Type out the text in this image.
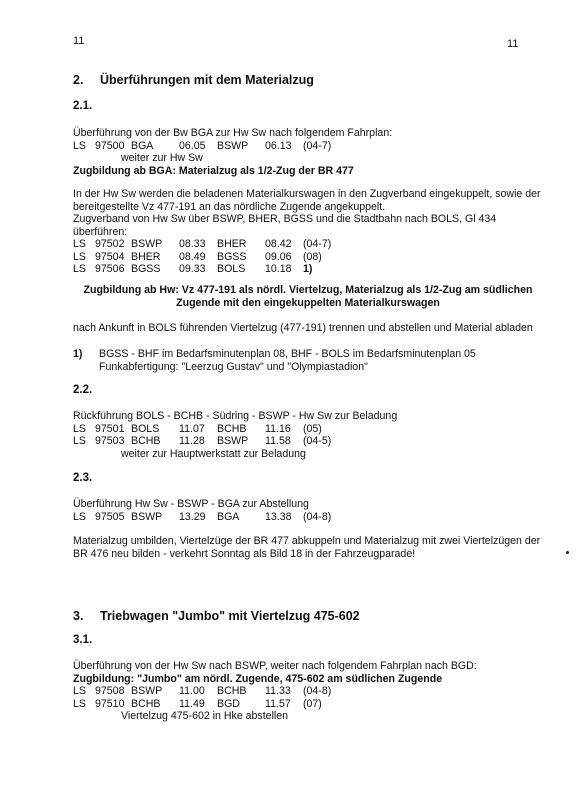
11	11
2. Überführungen mit dem Materialzug
2.1.
Überführung von der Bw BGA zur Hw Sw nach folgendem Fahrplan:
LS 97500 BGA 06.05 BSWP 06.13 (04-7)
weiter zur Hw Sw
Zugbildung ab BGA: Materialzug als 1/2-Zug der BR 477
In der Hw Sw werden die beladenen Materialkurswagen in den Zugverband eingekuppelt, sowie der
bereitgestellte Vz 477-191 an das nördliche Zugende angekuppelt.
Zugverband von Hw Sw über BSWP, BHER, BGSS und die Stadtbahn nach BOLS, Gl 434
überführen:
LS 97502 BSWP 08.33 BHER 08.42 (04-7)
LS 97504 BHER 08.49 BGSS 09.06 (08)
LS 97506 BGSS 09.33 BOLS 10.18 1)
Zugbildung ab Hw: Vz 477-191 als nördl. Viertelzug, Materialzug als 1/2-Zug am südlichen
Zugende mit den eingekuppelten Materialkurswagen
nach Ankunft in BOLS führenden Viertelzug (477-191) trennen und abstellen und Material abladen
1) BGSS - BHF im Bedarfsminutenplan 08, BHF - BOLS im Bedarfsminutenplan 05
Funkabfertigung: "Leerzug Gustav" und "Olympiastadion"
2.2.
Rückführung BOLS - BCHB - Südring - BSWP - Hw Sw zur Beladung
LS 97501 BOLS 11.07 BCHB 11.16 (05)
LS 97503 BCHB 11.28 BSWP 11.58 (04-5)
weiter zur Hauptwerkstatt zur Beladung
2.3.
Überführung Hw Sw - BSWP - BGA zur Abstellung
LS 97505 BSWP 13.29 BGA 13.38 (04-8)
Materialzug umbilden, Viertelzüge der BR 477 abkuppeln und Materialzug mit zwei Viertelzügen der
BR 476 neu bilden - verkehrt Sonntag als Bild 18 in der Fahrzeugparade!
3. Triebwagen "Jumbo" mit Viertelzug 475-602
3.1.
Überführung von der Hw Sw nach BSWP, weiter nach folgendem Fahrplan nach BGD:
Zugbildung: "Jumbo" am nördl. Zugende, 475-602 am südlichen Zugende
LS 97508 BSWP 11.00 BCHB 11.33 (04-8)
LS 97510 BCHB 11.49 BGD 11.57 (07)
Viertelzug 475-602 in Hke abstellen
